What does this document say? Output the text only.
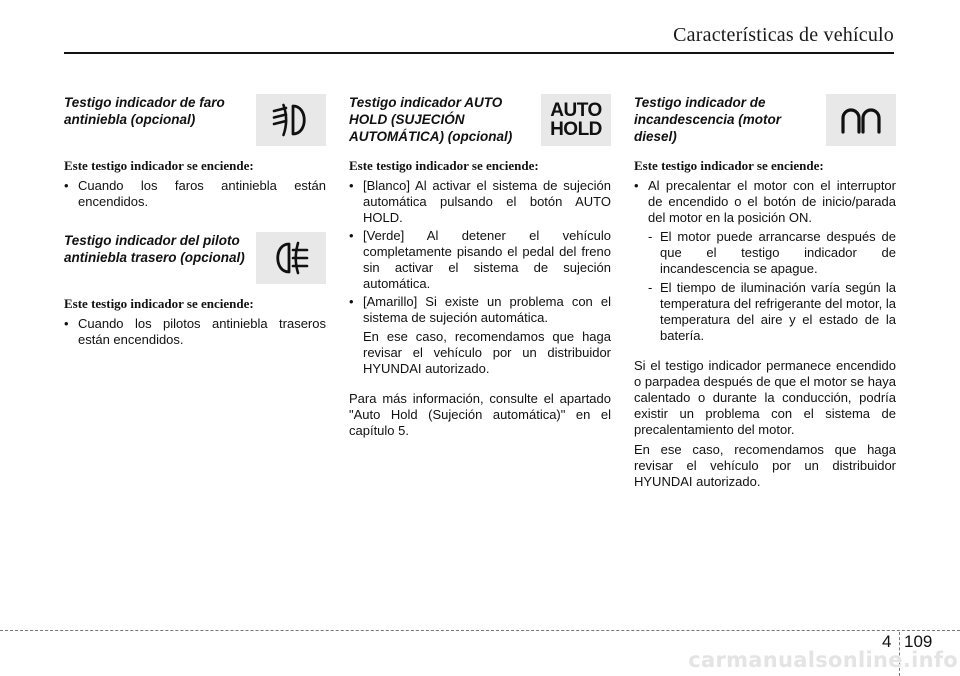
Características de vehículo
Testigo indicador de faro antiniebla (opcional)
Este testigo indicador se enciende:
• Cuando los faros antiniebla están encendidos.
Testigo indicador del piloto antiniebla trasero (opcional)
Este testigo indicador se enciende:
• Cuando los pilotos antiniebla traseros están encendidos.
Testigo indicador AUTO HOLD (SUJECIÓN AUTOMÁTICA) (opcional)
AUTO
HOLD
Este testigo indicador se enciende:
• [Blanco] Al activar el sistema de sujeción automática pulsando el botón AUTO HOLD.
• [Verde] Al detener el vehículo completamente pisando el pedal del freno sin activar el sistema de sujeción automática.
• [Amarillo] Si existe un problema con el sistema de sujeción automática.
En ese caso, recomendamos que haga revisar el vehículo por un distribuidor HYUNDAI autorizado.
Para más información, consulte el apartado "Auto Hold (Sujeción automática)" en el capítulo 5.
Testigo indicador de incandescencia (motor diesel)
Este testigo indicador se enciende:
• Al precalentar el motor con el interruptor de encendido o el botón de inicio/parada del motor en la posición ON.
- El motor puede arrancarse después de que el testigo indicador de incandescencia se apague.
- El tiempo de iluminación varía según la temperatura del refrigerante del motor, la temperatura del aire y el estado de la batería.
Si el testigo indicador permanece encendido o parpadea después de que el motor se haya calentado o durante la conducción, podría existir un problema con el sistema de precalentamiento del motor.
En ese caso, recomendamos que haga revisar el vehículo por un distribuidor HYUNDAI autorizado.
4 109
carmanualsonline.info
